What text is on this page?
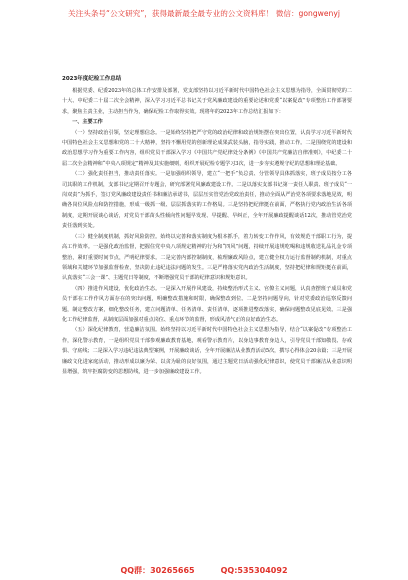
关注头条号“公文研究”，获得最新最全最专业的公文资料库！ 微信：gongwenyj
2023年度纪检工作总结

根据党委、纪委2023年的总体工作安排及部署，党支部坚持以习近平新时代中国特色社会主义思想为指导，全面贯彻党的二十大、中纪委二十届二次全会精神，深入学习习近平总书记关于党风廉政建设的重要论述和党委“以案促改”专项整治工作部署要求，聚焦主责主业，主动担当作为，确保纪检工作取得实效。现将年的2023年工作总结汇报如下：

一、主要工作

（一）坚持政治引领，坚定理想信念。一是始终坚持把严守党的政治纪律和政治规矩摆在突出位置，认真学习习近平新时代中国特色社会主义思想和党的二十大精神，坚持不懈用党的创新理论成果武装头脑，指导实践，推动工作。二是围绕党的建设和政治思想学习作为重要工作内容，组织党员干部深入学习《中国共产党纪律处分条例》《中国共产党廉洁自律准则》，中纪委二十届二次全会精神和“中央八项规定”精神及其实施细则，组织开展纪检专题学习3次，进一步夯实遵规守纪的思想和理论基础。

（二）强化责任担当，推动责任落实。一是加强组织领导，建立“一把手”负总责、分管领导具体抓落实，班子成员按分工各司其职的工作机制，支部书记定期召开专题会，研究部署党风廉政建设工作。二是以落实支部书记第一责任人职责、班子成员“一岗双责”为抓手，签订党风廉政建设责任书和廉洁承诺书，层层压实管党治党政治责任，推动全面从严治党各项要求落地见效，明确各岗位风险点和防控措施，形成一级抓一级、层层抓落实的工作格局。三是坚持把纪律挺在前面，严格执行党内政治生活各项制度，定期开展谈心谈话，对党员干部苗头性倾向性问题早发现、早提醒、早纠正，全年开展廉政提醒谈话12次，推动管党治党责任落到实处。

（三）健全制度机制，抓好风险防控。始终以完善和落实制度为根本抓手，着力转变工作作风，有效规范干部职工行为，提高工作效率。一是强化政治监督，把握住党中央八项规定精神的行为和“四风”问题，持续开展违规吃喝和违规收送礼品礼金专项整治，紧盯重要时间节点，严明纪律要求。二是完善内部控制制度，梳理廉政风险点，建立健全权力运行监督制约机制，对重点领域和关键环节加强监督检查，坚决防止违纪违法问题的发生。三是严格落实党内政治生活制度，坚持把纪律和规矩挺在前面，认真落实“三会一课”、主题党日等制度，不断增强党员干部的纪律意识和规矩意识。

（四）推进作风建设，优化政治生态。一是深入开展作风建设，持续整治形式主义、官僚主义问题，认真查摆班子成员和党员干部在工作作风方面存在的突出问题，明确整改措施和时限，确保整改到位。二是坚持问题导向，针对党委政治巡察反馈问题，制定整改方案，细化整改任务，建立问题清单、任务清单、责任清单，逐项推进整改落实，确保问题整改见底见效。三是强化工作纪律监督，从制度层面加强对重点岗位、重点环节的监督，形成风清气正的良好政治生态。

（五）深化纪律教育，营造廉洁氛围。始终坚持以习近平新时代中国特色社会主义思想为指导，结合“以案促改”专项整治工作，深化警示教育，一是组织党员干部参观廉政教育基地，观看警示教育片，以身边事教育身边人，引导党员干部知敬畏、存戒惧、守底线；二是深入学习违纪违法典型案例，开展廉政谈话，全年开展廉洁从业教育活动5次，撰写心得体会20余篇；三是开展廉政文化进家庭活动，推动形成以廉为荣、以贪为耻的良好氛围，通过主题党日活动强化纪律意识，使党员干部廉洁从业意识明显增强，筑牢拒腐防变的思想防线，进一步加强廉政建设工作。

QQ群：30265665	QQ:535304092
